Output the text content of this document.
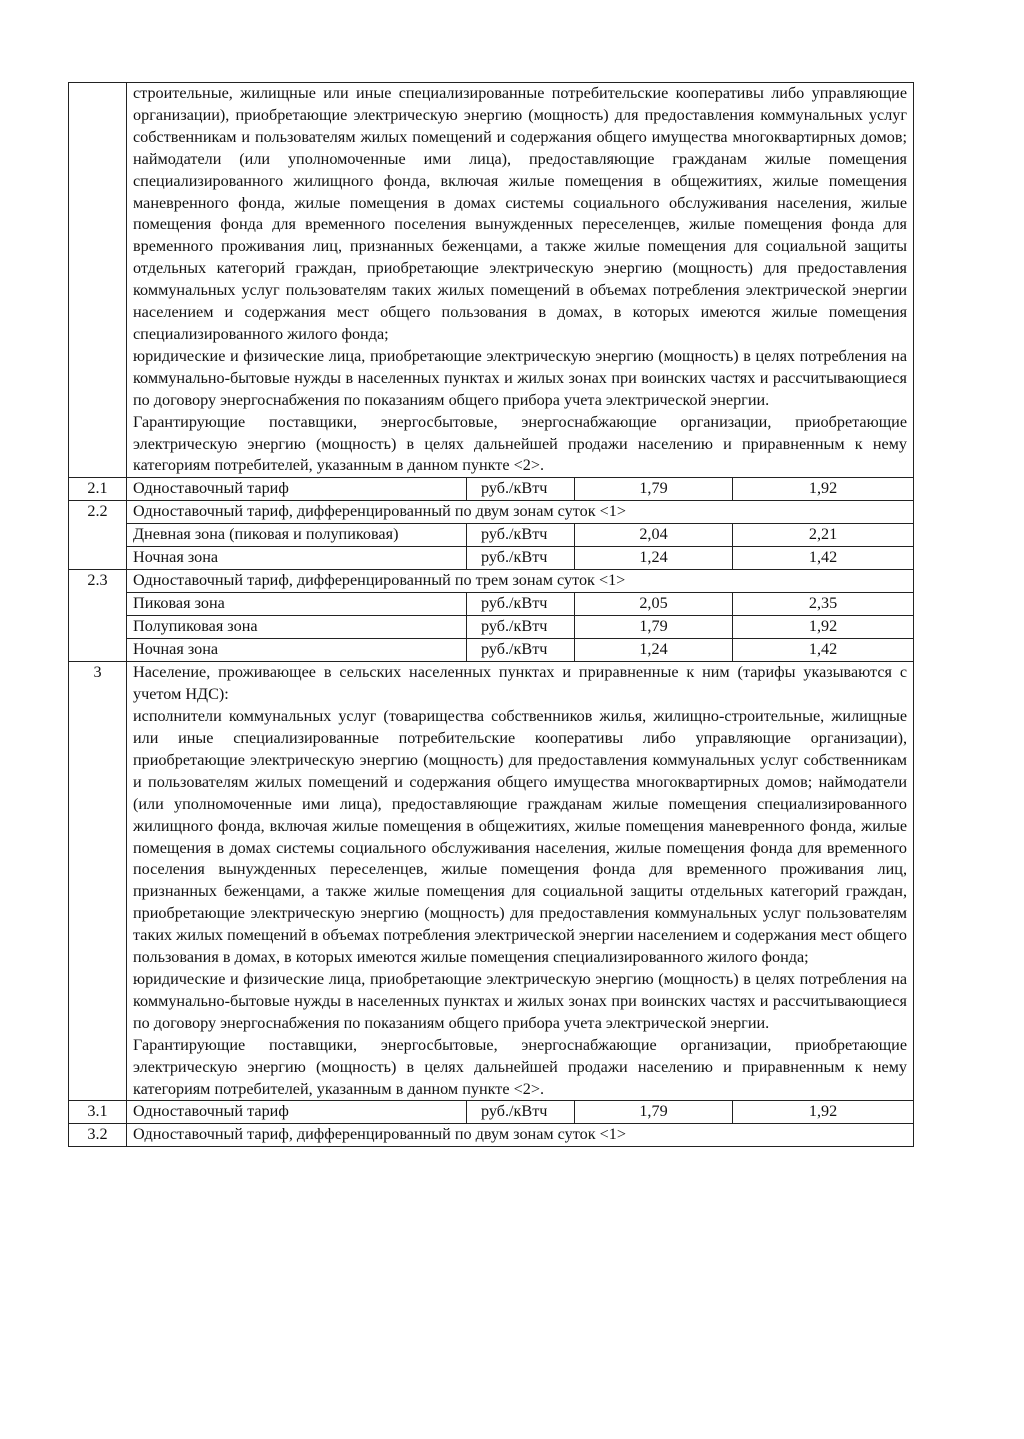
	строительные, жилищные или иные специализированные потребительские кооперативы либо управляющие организации), приобретающие электрическую энергию (мощность) для предоставления коммунальных услуг собственникам и пользователям жилых помещений и содержания общего имущества многоквартирных домов; наймодатели (или уполномоченные ими лица), предоставляющие гражданам жилые помещения специализированного жилищного фонда, включая жилые помещения в общежитиях, жилые помещения маневренного фонда, жилые помещения в домах системы социального обслуживания населения, жилые помещения фонда для временного поселения вынужденных переселенцев, жилые помещения фонда для временного проживания лиц, признанных беженцами, а также жилые помещения для социальной защиты отдельных категорий граждан, приобретающие электрическую энергию (мощность) для предоставления коммунальных услуг пользователям таких жилых помещений в объемах потребления электрической энергии населением и содержания мест общего пользования в домах, в которых имеются жилые помещения специализированного жилого фонда;

юридические и физические лица, приобретающие электрическую энергию (мощность) в целях потребления на коммунально-бытовые нужды в населенных пунктах и жилых зонах при воинских частях и рассчитывающиеся по договору энергоснабжения по показаниям общего прибора учета электрической энергии.

Гарантирующие поставщики, энергосбытовые, энергоснабжающие организации, приобретающие электрическую энергию (мощность) в целях дальнейшей продажи населению и приравненным к нему категориям потребителей, указанным в данном пункте <2>.			

2.1	Одноставочный тариф	руб./кВтч	1,79	1,92
2.2	Одноставочный тариф, дифференцированный по двум зонам суток <1>			
	Дневная зона (пиковая и полупиковая)	руб./кВтч	2,04	2,21
	Ночная зона	руб./кВтч	1,24	1,42
2.3	Одноставочный тариф, дифференцированный по трем зонам суток <1>			
	Пиковая зона	руб./кВтч	2,05	2,35
	Полупиковая зона	руб./кВтч	1,79	1,92
	Ночная зона	руб./кВтч	1,24	1,42
3	Население, проживающее в сельских населенных пунктах и приравненные к ним (тарифы указываются с учетом НДС):

исполнители коммунальных услуг (товарищества собственников жилья, жилищно-строительные, жилищные или иные специализированные потребительские кооперативы либо управляющие организации), приобретающие электрическую энергию (мощность) для предоставления коммунальных услуг собственникам и пользователям жилых помещений и содержания общего имущества многоквартирных домов; наймодатели (или уполномоченные ими лица), предоставляющие гражданам жилые помещения специализированного жилищного фонда, включая жилые помещения в общежитиях, жилые помещения маневренного фонда, жилые помещения в домах системы социального обслуживания населения, жилые помещения фонда для временного поселения вынужденных переселенцев, жилые помещения фонда для временного проживания лиц, признанных беженцами, а также жилые помещения для социальной защиты отдельных категорий граждан, приобретающие электрическую энергию (мощность) для предоставления коммунальных услуг пользователям таких жилых помещений в объемах потребления электрической энергии населением и содержания мест общего пользования в домах, в которых имеются жилые помещения специализированного жилого фонда;

юридические и физические лица, приобретающие электрическую энергию (мощность) в целях потребления на коммунально-бытовые нужды в населенных пунктах и жилых зонах при воинских частях и рассчитывающиеся по договору энергоснабжения по показаниям общего прибора учета электрической энергии.

Гарантирующие поставщики, энергосбытовые, энергоснабжающие организации, приобретающие электрическую энергию (мощность) в целях дальнейшей продажи населению и приравненным к нему категориям потребителей, указанным в данном пункте <2>.			

3.1	Одноставочный тариф	руб./кВтч	1,79	1,92
3.2	Одноставочный тариф, дифференцированный по двум зонам суток <1>			
